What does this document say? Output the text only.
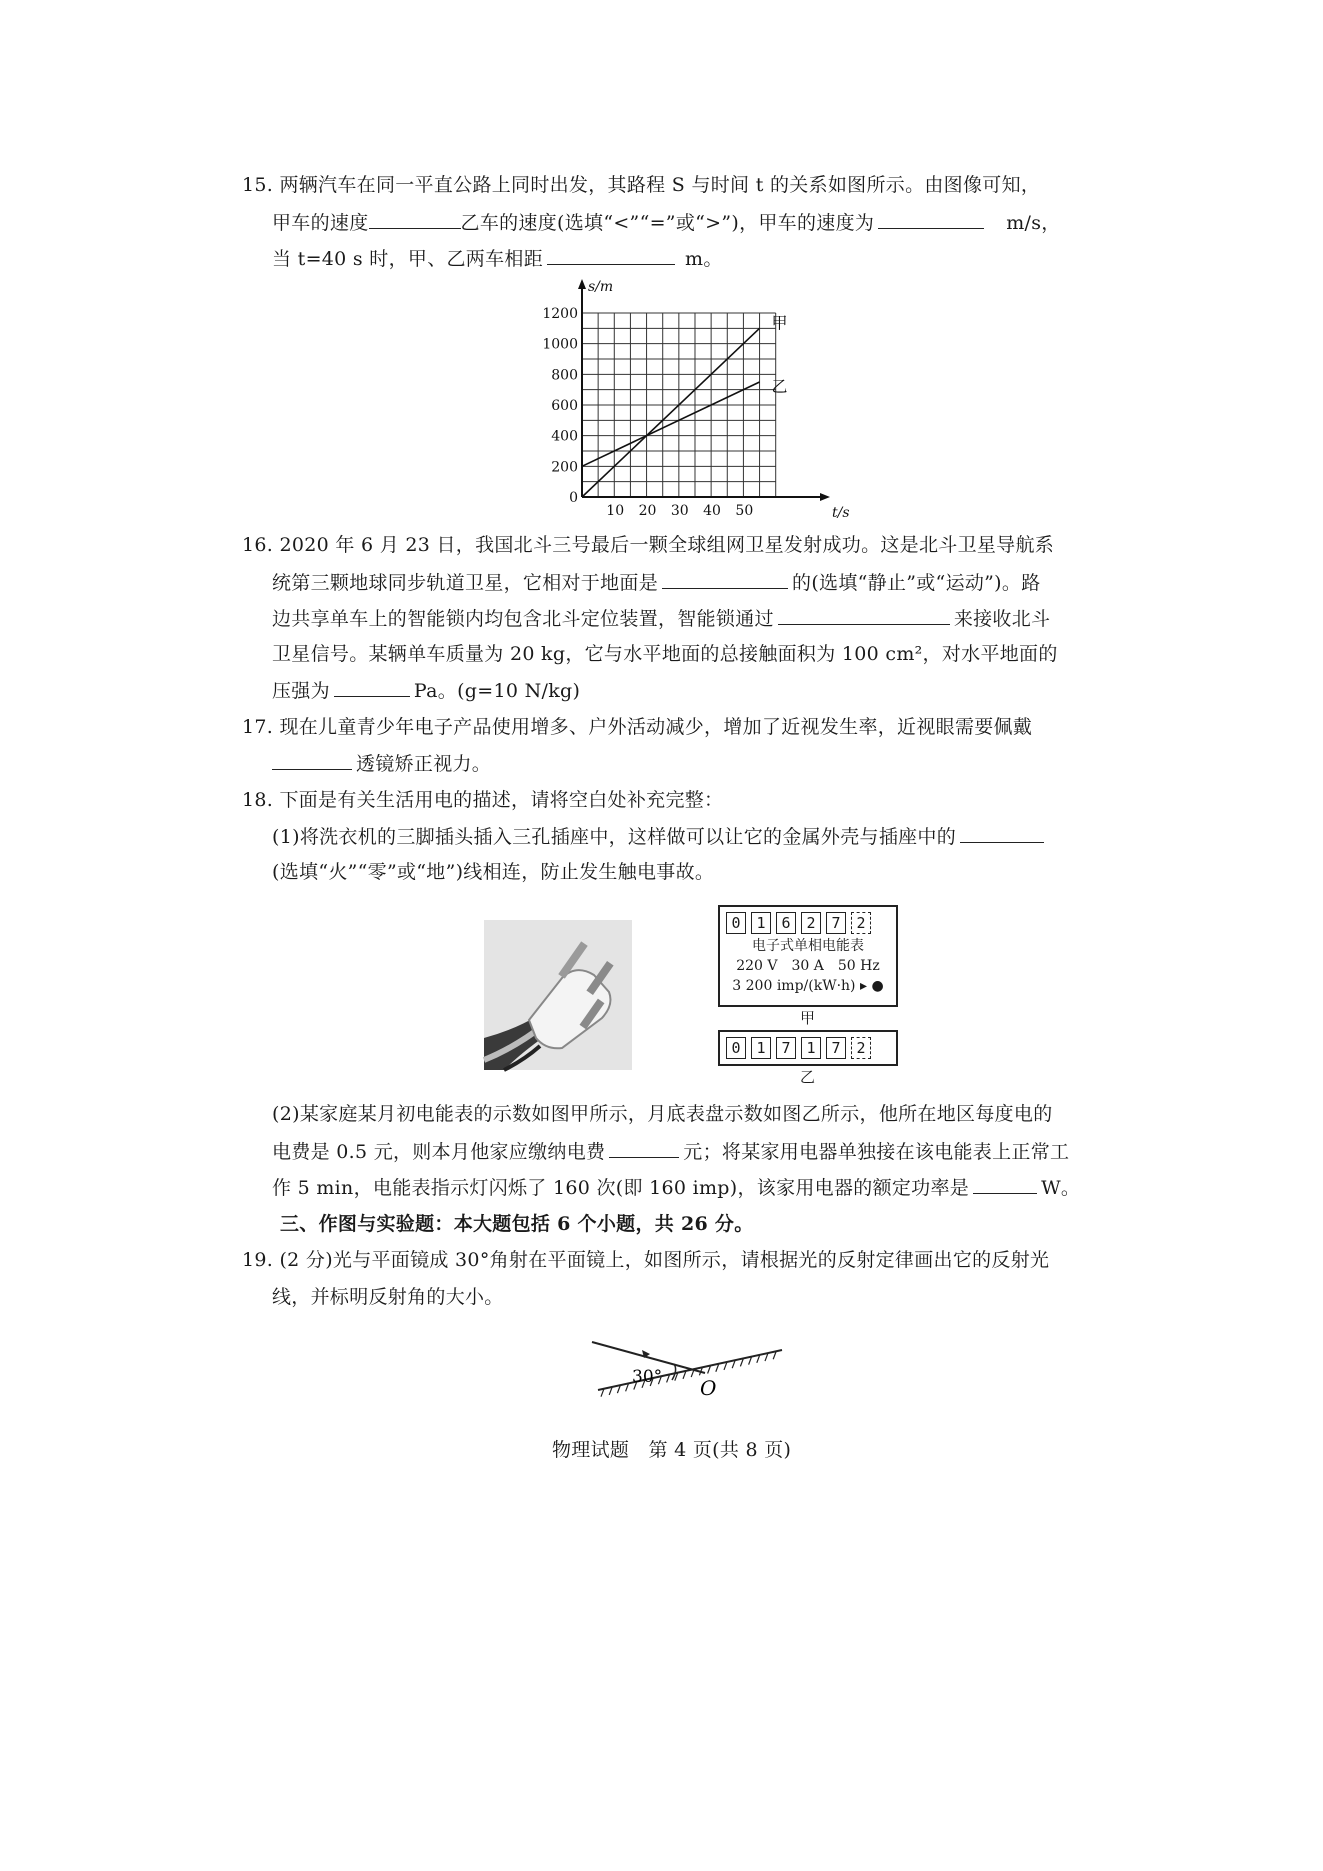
15. 两辆汽车在同一平直公路上同时出发，其路程 S 与时间 t 的关系如图所示。由图像可知，
甲车的速度	乙车的速度(选填“<”“=”或“>”)，甲车的速度为	m/s，
当 t=40 s 时，甲、乙两车相距	m。
10 20 30 40 50
200
400
600
800
1000
1200
0
t/s
s/m
甲
乙
16. 2020 年 6 月 23 日，我国北斗三号最后一颗全球组网卫星发射成功。这是北斗卫星导航系
统第三颗地球同步轨道卫星，它相对于地面是	的(选填“静止”或“运动”)。路
边共享单车上的智能锁内均包含北斗定位装置，智能锁通过	来接收北斗
卫星信号。某辆单车质量为 20 kg，它与水平地面的总接触面积为 100 cm²，对水平地面的
压强为	Pa。(g=10 N/kg)
17. 现在儿童青少年电子产品使用增多、户外活动减少，增加了近视发生率，近视眼需要佩戴
透镜矫正视力。
18. 下面是有关生活用电的描述，请将空白处补充完整：
(1)将洗衣机的三脚插头插入三孔插座中，这样做可以让它的金属外壳与插座中的
(选填“火”“零”或“地”)线相连，防止发生触电事故。
0 1 6 2 7 2
电子式单相电能表
220 V　30 A　50 Hz
3 200 imp/(kW·h) ▸ ●
甲
0 1 7 1 7 2
乙
(2)某家庭某月初电能表的示数如图甲所示，月底表盘示数如图乙所示，他所在地区每度电的
电费是 0.5 元，则本月他家应缴纳电费	元；将某家用电器单独接在该电能表上正常工
作 5 min，电能表指示灯闪烁了 160 次(即 160 imp)，该家用电器的额定功率是	W。
三、作图与实验题：本大题包括 6 个小题，共 26 分。
19. (2 分)光与平面镜成 30°角射在平面镜上，如图所示，请根据光的反射定律画出它的反射光
线，并标明反射角的大小。
30° O
物理试题　第 4 页(共 8 页)
